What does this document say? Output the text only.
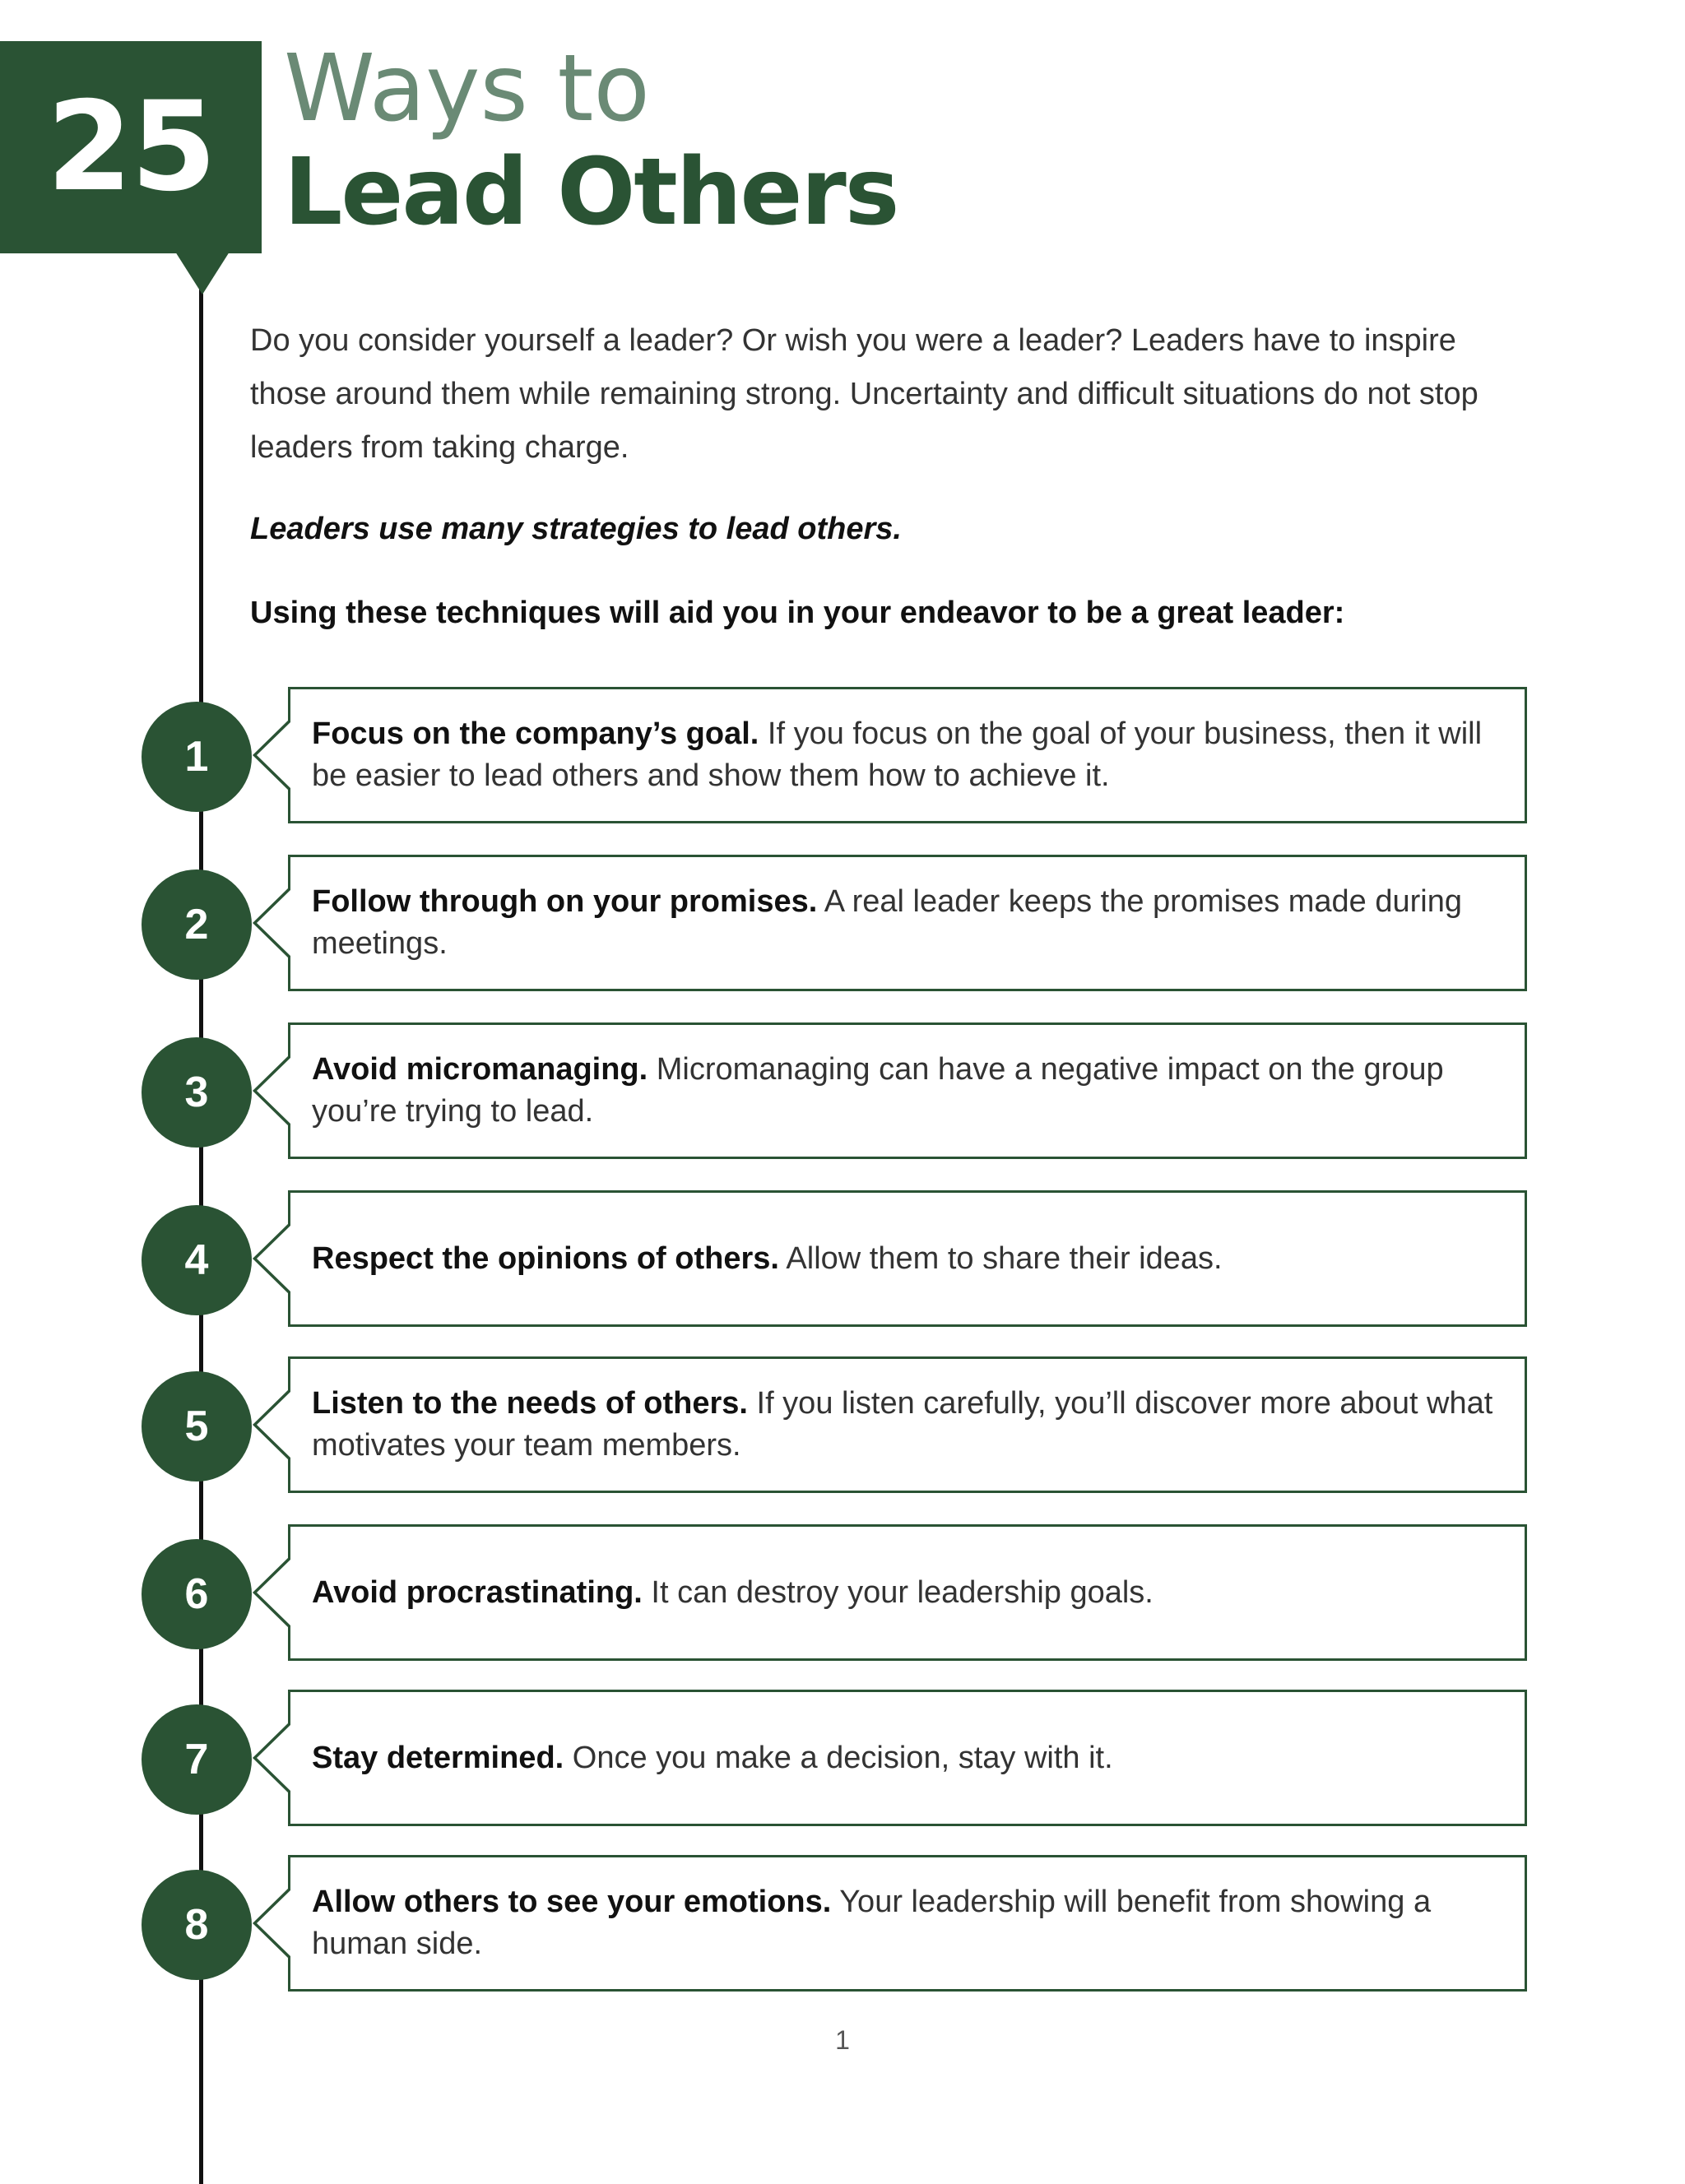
25 Ways to
Lead Others

Do you consider yourself a leader? Or wish you were a leader? Leaders have to inspire those around them while remaining strong. Uncertainty and difficult situations do not stop leaders from taking charge.

Leaders use many strategies to lead others.

Using these techniques will aid you in your endeavor to be a great leader:

1	Focus on the company’s goal. If you focus on the goal of your business, then it will be easier to lead others and show them how to achieve it.

2	Follow through on your promises. A real leader keeps the promises made during meetings.

3	Avoid micromanaging. Micromanaging can have a negative impact on the group you’re trying to lead.

4	Respect the opinions of others. Allow them to share their ideas.

5	Listen to the needs of others. If you listen carefully, you’ll discover more about what motivates your team members.

6	Avoid procrastinating. It can destroy your leadership goals.

7	Stay determined. Once you make a decision, stay with it.

8	Allow others to see your emotions. Your leadership will benefit from showing a human side.

1
